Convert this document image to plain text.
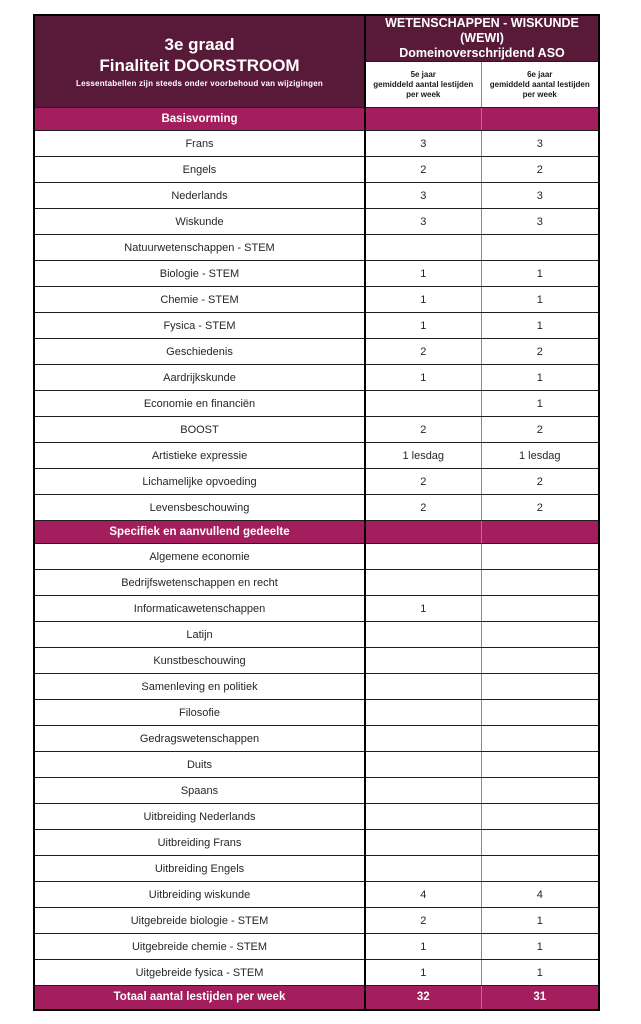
3e graad
Finaliteit DOORSTROOM
Lessentabellen zijn steeds onder voorbehoud van wijzigingen

WETENSCHAPPEN - WISKUNDE (WEWI)
Domeinoverschrijdend ASO

5e jaar
gemiddeld aantal lestijden per week

6e jaar
gemiddeld aantal lestijden per week

Basisvorming		
Frans	3	3
Engels	2	2
Nederlands	3	3
Wiskunde	3	3
Natuurwetenschappen - STEM		
Biologie - STEM	1	1
Chemie - STEM	1	1
Fysica - STEM	1	1
Geschiedenis	2	2
Aardrijkskunde	1	1
Economie en financiën		1
BOOST	2	2
Artistieke expressie	1 lesdag	1 lesdag
Lichamelijke opvoeding	2	2
Levensbeschouwing	2	2
Specifiek en aanvullend gedeelte		
Algemene economie		
Bedrijfswetenschappen en recht		
Informaticawetenschappen	1	
Latijn		
Kunstbeschouwing		
Samenleving en politiek		
Filosofie		
Gedragswetenschappen		
Duits		
Spaans		
Uitbreiding Nederlands		
Uitbreiding Frans		
Uitbreiding Engels		
Uitbreiding wiskunde	4	4
Uitgebreide biologie - STEM	2	1
Uitgebreide chemie - STEM	1	1
Uitgebreide fysica - STEM	1	1
Totaal aantal lestijden per week	32	31
